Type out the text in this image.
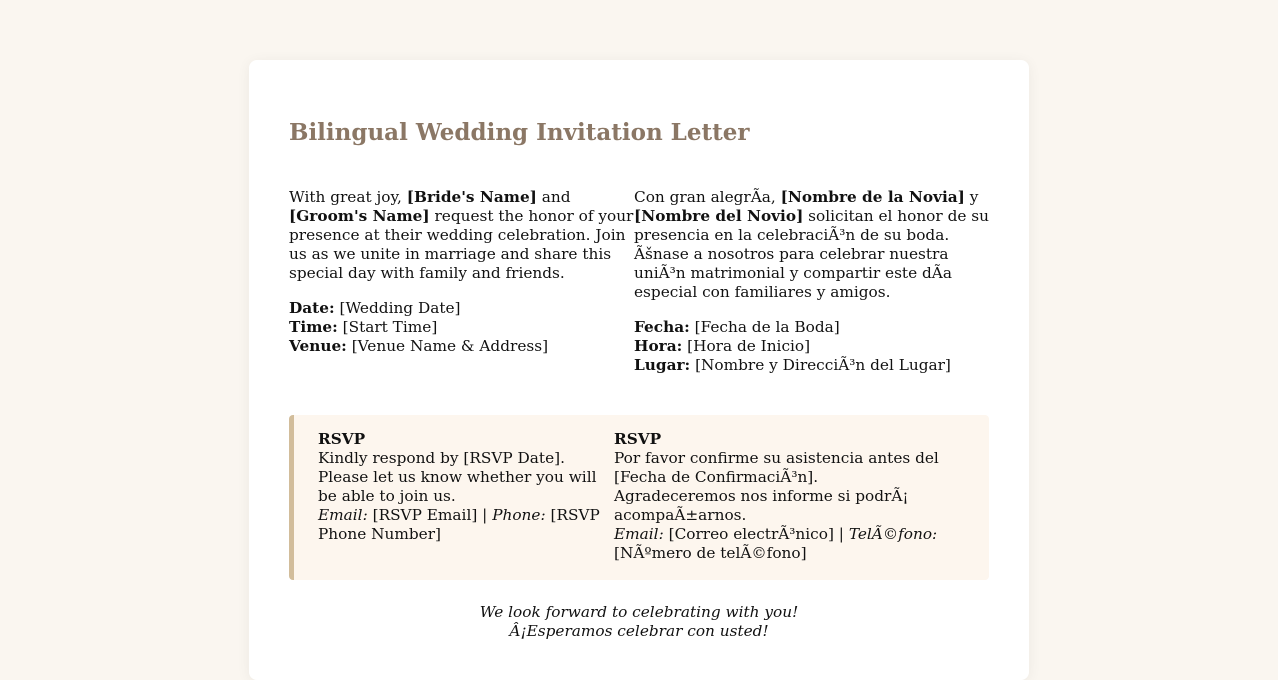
Bilingual Wedding Invitation Letter

With great joy, [Bride's Name] and [Groom's Name] request the honor of your presence at their wedding celebration. Join us as we unite in marriage and share this special day with family and friends.

Date: [Wedding Date]
Time: [Start Time]
Venue: [Venue Name & Address]

Con gran alegrÃa, [Nombre de la Novia] y [Nombre del Novio] solicitan el honor de su presencia en la celebraciÃ³n de su boda. Ãšnase a nosotros para celebrar nuestra uniÃ³n matrimonial y compartir este dÃa especial con familiares y amigos.

Fecha: [Fecha de la Boda]
Hora: [Hora de Inicio]
Lugar: [Nombre y DirecciÃ³n del Lugar]

RSVP

Kindly respond by [RSVP Date]. Please let us know whether you will be able to join us.

Email: [RSVP Email] | Phone: [RSVP Phone Number]

RSVP

Por favor confirme su asistencia antes del [Fecha de ConfirmaciÃ³n]. Agradeceremos nos informe si podrÃ¡ acompaÃ±arnos.

Email: [Correo electrÃ³nico] | TelÃ©fono: [NÃºmero de telÃ©fono]

We look forward to celebrating with you!
Â¡Esperamos celebrar con usted!
